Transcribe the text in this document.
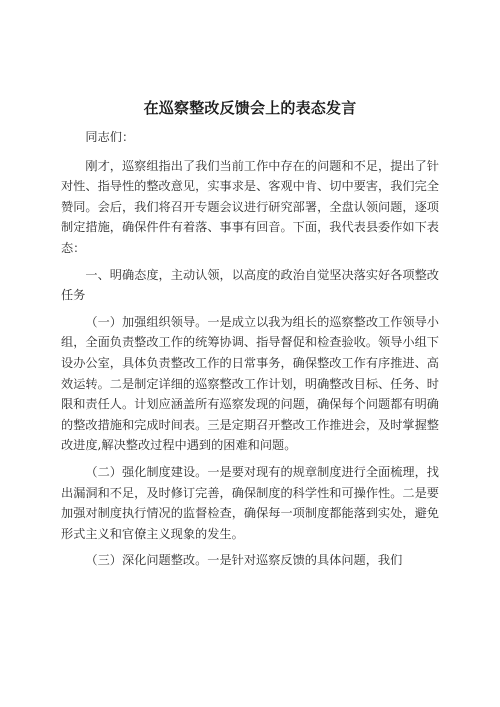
在巡察整改反馈会上的表态发言

同志们：

刚才，巡察组指出了我们当前工作中存在的问题和不足，提出了针对性、指导性的整改意见，实事求是、客观中肯、切中要害，我们完全赞同。会后，我们将召开专题会议进行研究部署，全盘认领问题，逐项制定措施，确保件件有着落、事事有回音。下面，我代表县委作如下表态：

一、明确态度，主动认领，以高度的政治自觉坚决落实好各项整改任务

（一）加强组织领导。一是成立以我为组长的巡察整改工作领导小组，全面负责整改工作的统筹协调、指导督促和检查验收。领导小组下设办公室，具体负责整改工作的日常事务，确保整改工作有序推进、高效运转。二是制定详细的巡察整改工作计划，明确整改目标、任务、时限和责任人。计划应涵盖所有巡察发现的问题，确保每个问题都有明确的整改措施和完成时间表。三是定期召开整改工作推进会，及时掌握整改进度,解决整改过程中遇到的困难和问题。

（二）强化制度建设。一是要对现有的规章制度进行全面梳理，找出漏洞和不足，及时修订完善，确保制度的科学性和可操作性。二是要加强对制度执行情况的监督检查，确保每一项制度都能落到实处，避免形式主义和官僚主义现象的发生。

（三）深化问题整改。一是针对巡察反馈的具体问题，我们
